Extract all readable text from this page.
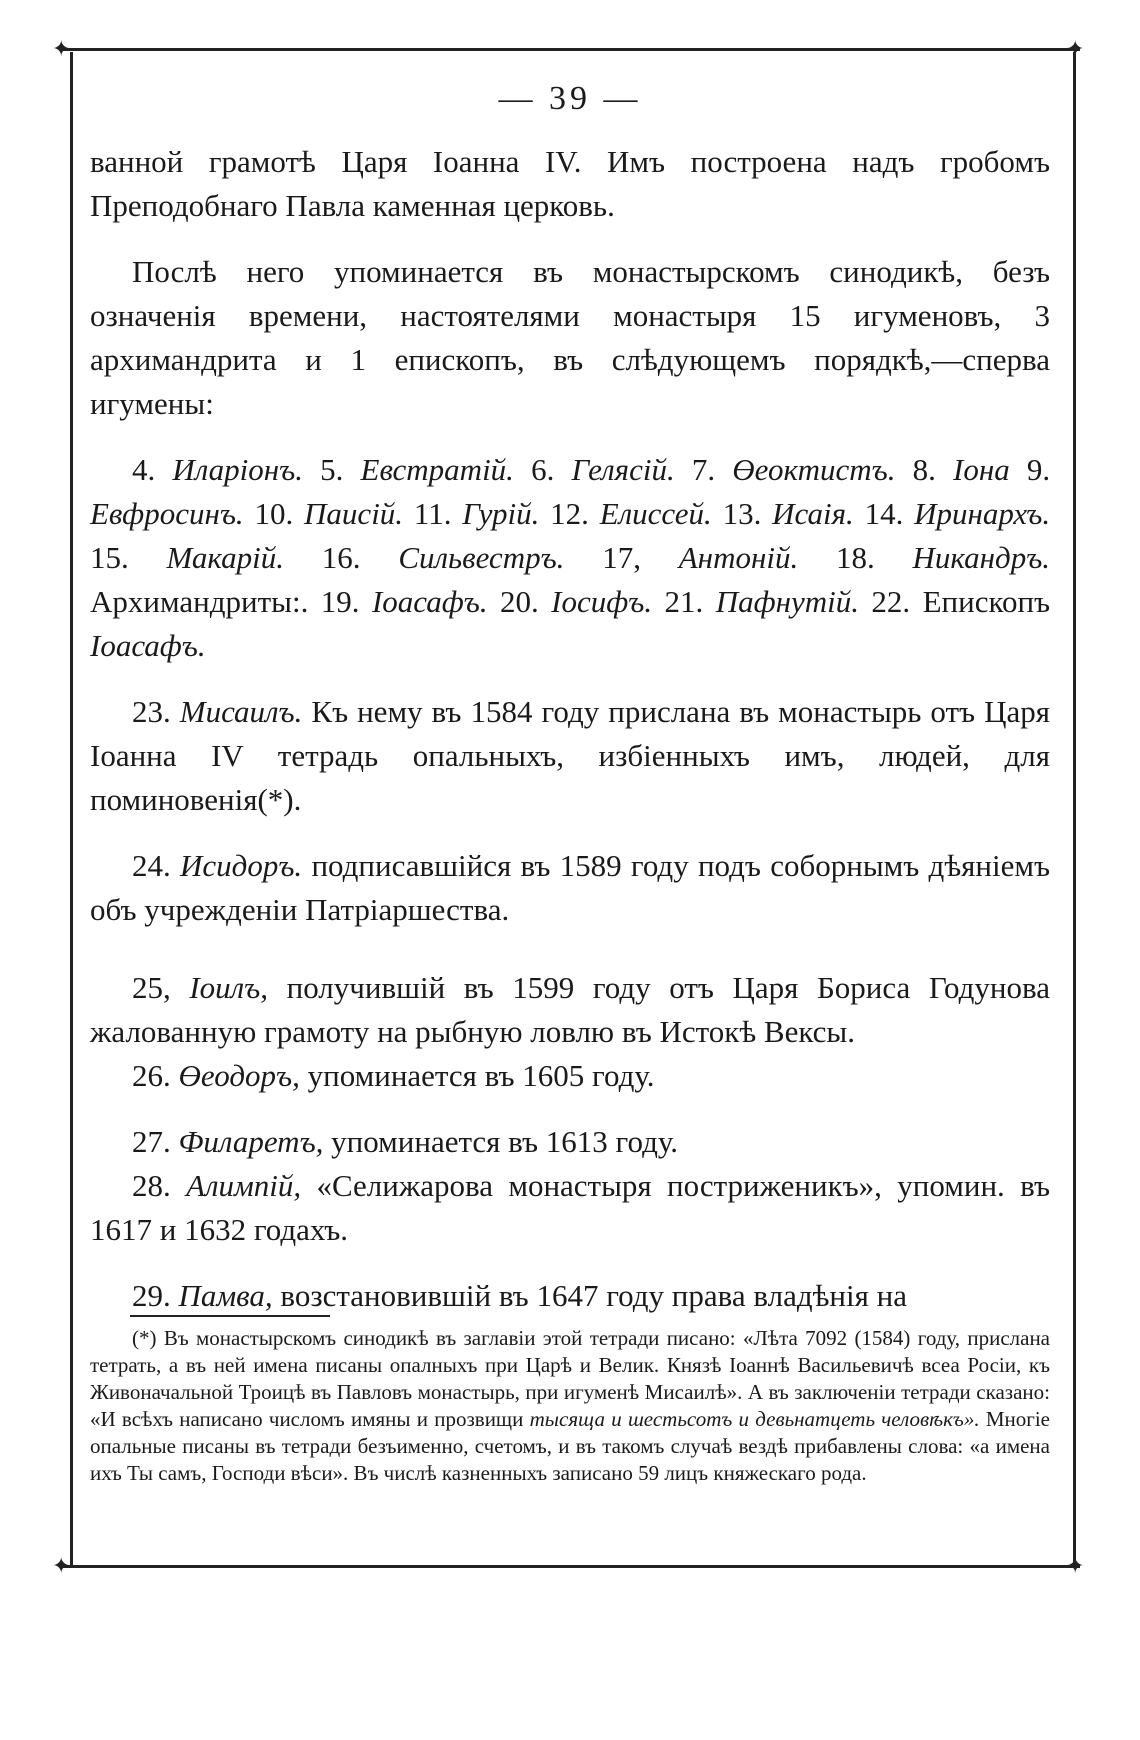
✦	✦
✦	✦
— 39 —

ванной грамотѣ Царя Іоанна IV. Имъ построена надъ гробомъ Преподобнаго Павла каменная церковь.

Послѣ него упоминается въ монастырскомъ синодикѣ, безъ означенія времени, настоятелями монастыря 15 игуменовъ, 3 архимандрита и 1 епископъ, въ слѣдующемъ порядкѣ,—сперва игумены:

4. Иларіонъ. 5. Евстратій. 6. Гелясій. 7. Өеоктистъ. 8. Іона 9. Евфросинъ. 10. Паисій. 11. Гурій. 12. Елиссей. 13. Исаія. 14. Иринархъ. 15. Макарій. 16. Сильвестръ. 17, Антоній. 18. Никандръ. Архимандриты:. 19. Іоасафъ. 20. Іосифъ. 21. Пафнутій. 22. Епископъ Іоасафъ.

23. Мисаилъ. Къ нему въ 1584 году прислана въ монастырь отъ Царя Іоанна IV тетрадь опальныхъ, избіенныхъ имъ, людей, для поминовенія(*).

24. Исидоръ. подписавшійся въ 1589 году подъ соборнымъ дѣяніемъ объ учрежденіи Патріаршества.

25, Іоилъ, получившій въ 1599 году отъ Царя Бориса Годунова жалованную грамоту на рыбную ловлю въ Истокѣ Вексы.

26. Өеодоръ, упоминается въ 1605 году.

27. Филаретъ, упоминается въ 1613 году.

28. Алимпій, «Селижарова монастыря постриженикъ», упомин. въ 1617 и 1632 годахъ.

29. Памва, возстановившій въ 1647 году права владѣнія на

(*) Въ монастырскомъ синодикѣ въ заглавіи этой тетради писано: «Лѣта 7092 (1584) году, прислана тетрать, а въ ней имена писаны опалныхъ при Царѣ и Велик. Князѣ Іоаннѣ Васильевичѣ всеа Росіи, къ Живоначальной Троицѣ въ Павловъ монастырь, при игуменѣ Мисаилѣ». А въ заключеніи тетради сказано: «И всѣхъ написано числомъ имяны и прозвищи тысяща и шестьсотъ и девьнатцеть человѣкъ». Многіе опальные писаны въ тетради безъименно, счетомъ, и въ такомъ случаѣ вездѣ прибавлены слова: «а имена ихъ Ты самъ, Господи вѣси». Въ числѣ казненныхъ записано 59 лицъ княжескаго рода.
